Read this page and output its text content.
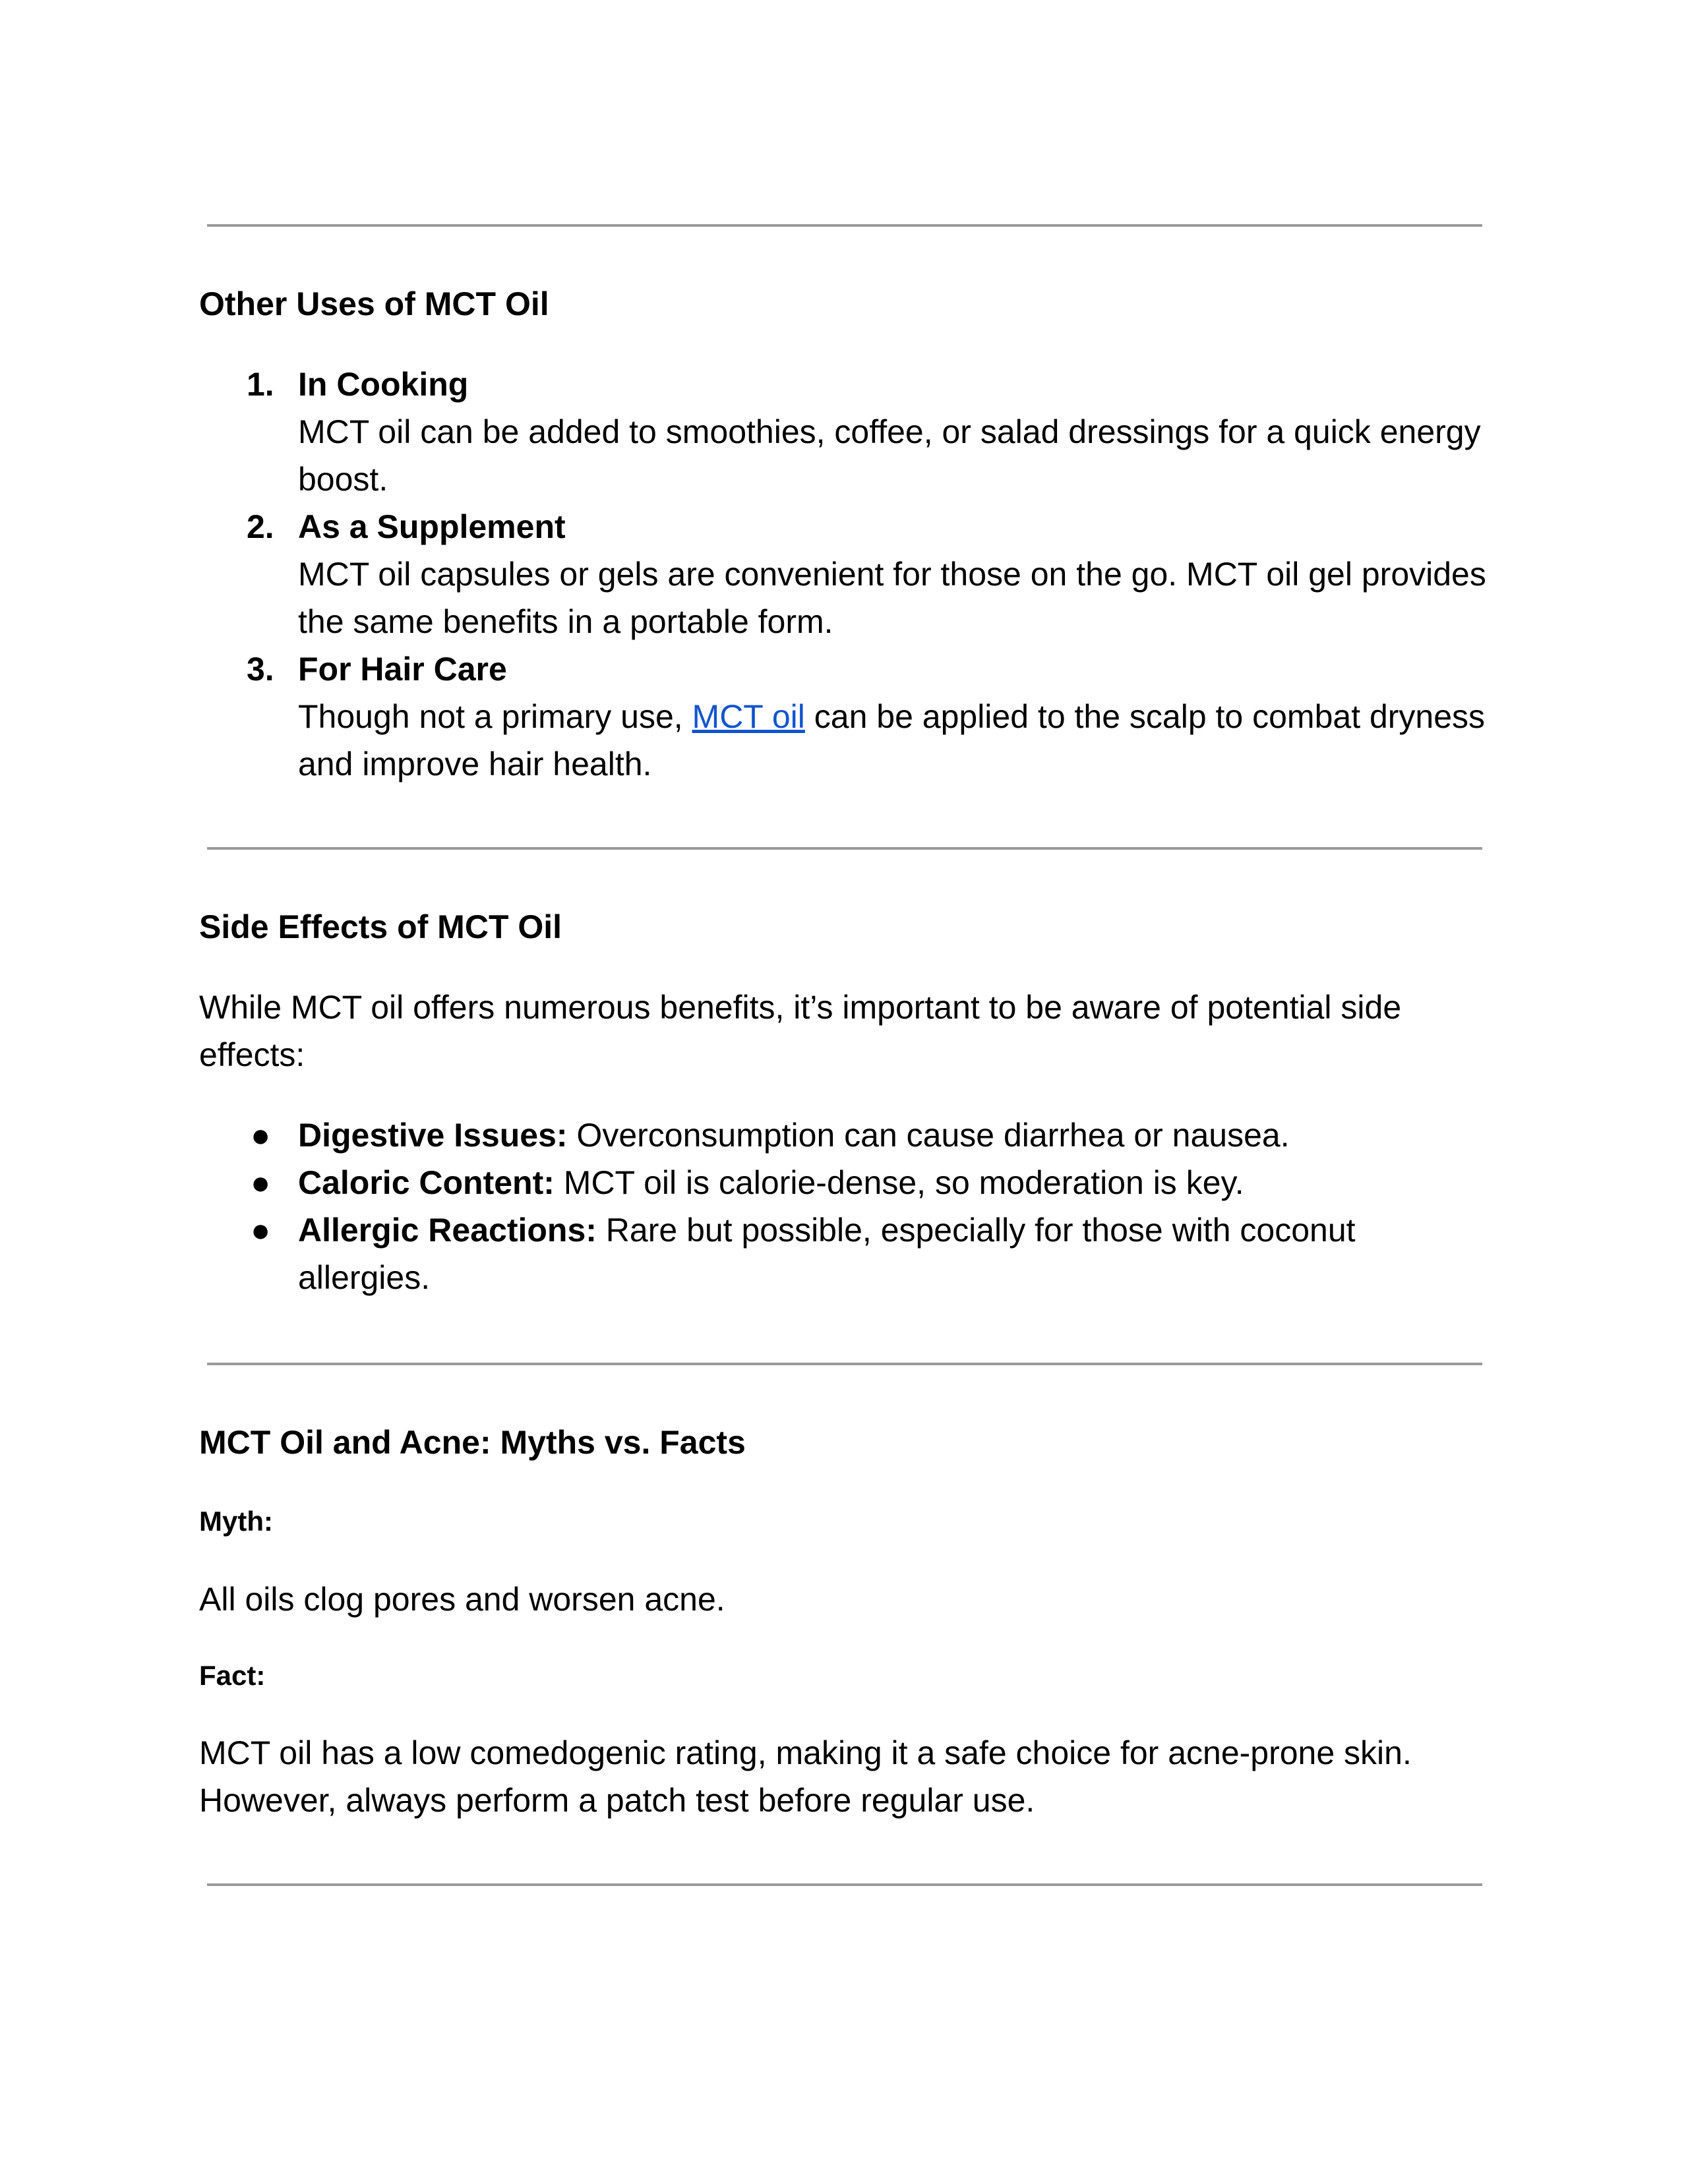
Other Uses of MCT Oil
1. In Cooking
MCT oil can be added to smoothies, coffee, or salad dressings for a quick energy boost.
2. As a Supplement
MCT oil capsules or gels are convenient for those on the go. MCT oil gel provides the same benefits in a portable form.
3. For Hair Care
Though not a primary use, MCT oil can be applied to the scalp to combat dryness and improve hair health.
Side Effects of MCT Oil

While MCT oil offers numerous benefits, it’s important to be aware of potential side effects:

● Digestive Issues: Overconsumption can cause diarrhea or nausea.
● Caloric Content: MCT oil is calorie-dense, so moderation is key.
● Allergic Reactions: Rare but possible, especially for those with coconut allergies.
MCT Oil and Acne: Myths vs. Facts
Myth:

All oils clog pores and worsen acne.

Fact:

MCT oil has a low comedogenic rating, making it a safe choice for acne-prone skin. However, always perform a patch test before regular use.
